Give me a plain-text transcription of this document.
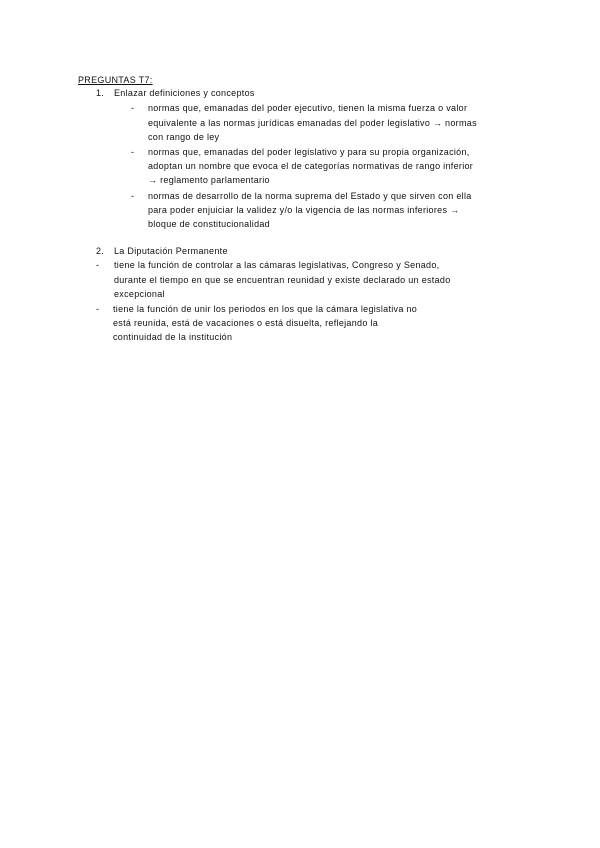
PREGUNTAS T7:
1. Enlazar definiciones y conceptos
- normas que, emanadas del poder ejecutivo, tienen la misma fuerza o valor
equivalente a las normas jurídicas emanadas del poder legislativo → normas
con rango de ley
- normas que, emanadas del poder legislativo y para su propia organización,
adoptan un nombre que evoca el de categorías normativas de rango inferior
→ reglamento parlamentario
- normas de desarrollo de la norma suprema del Estado y que sirven con ella
para poder enjuiciar la validez y/o la vigencia de las normas inferiores →
bloque de constitucionalidad
2. La Diputación Permanente
- tiene la función de controlar a las cámaras legislativas, Congreso y Senado,
durante el tiempo en que se encuentran reunidad y existe declarado un estado
excepcional
- tiene la función de unir los periodos en los que la cámara legislativa no
está reunida, está de vacaciones o está disuelta, reflejando la
continuidad de la institución
